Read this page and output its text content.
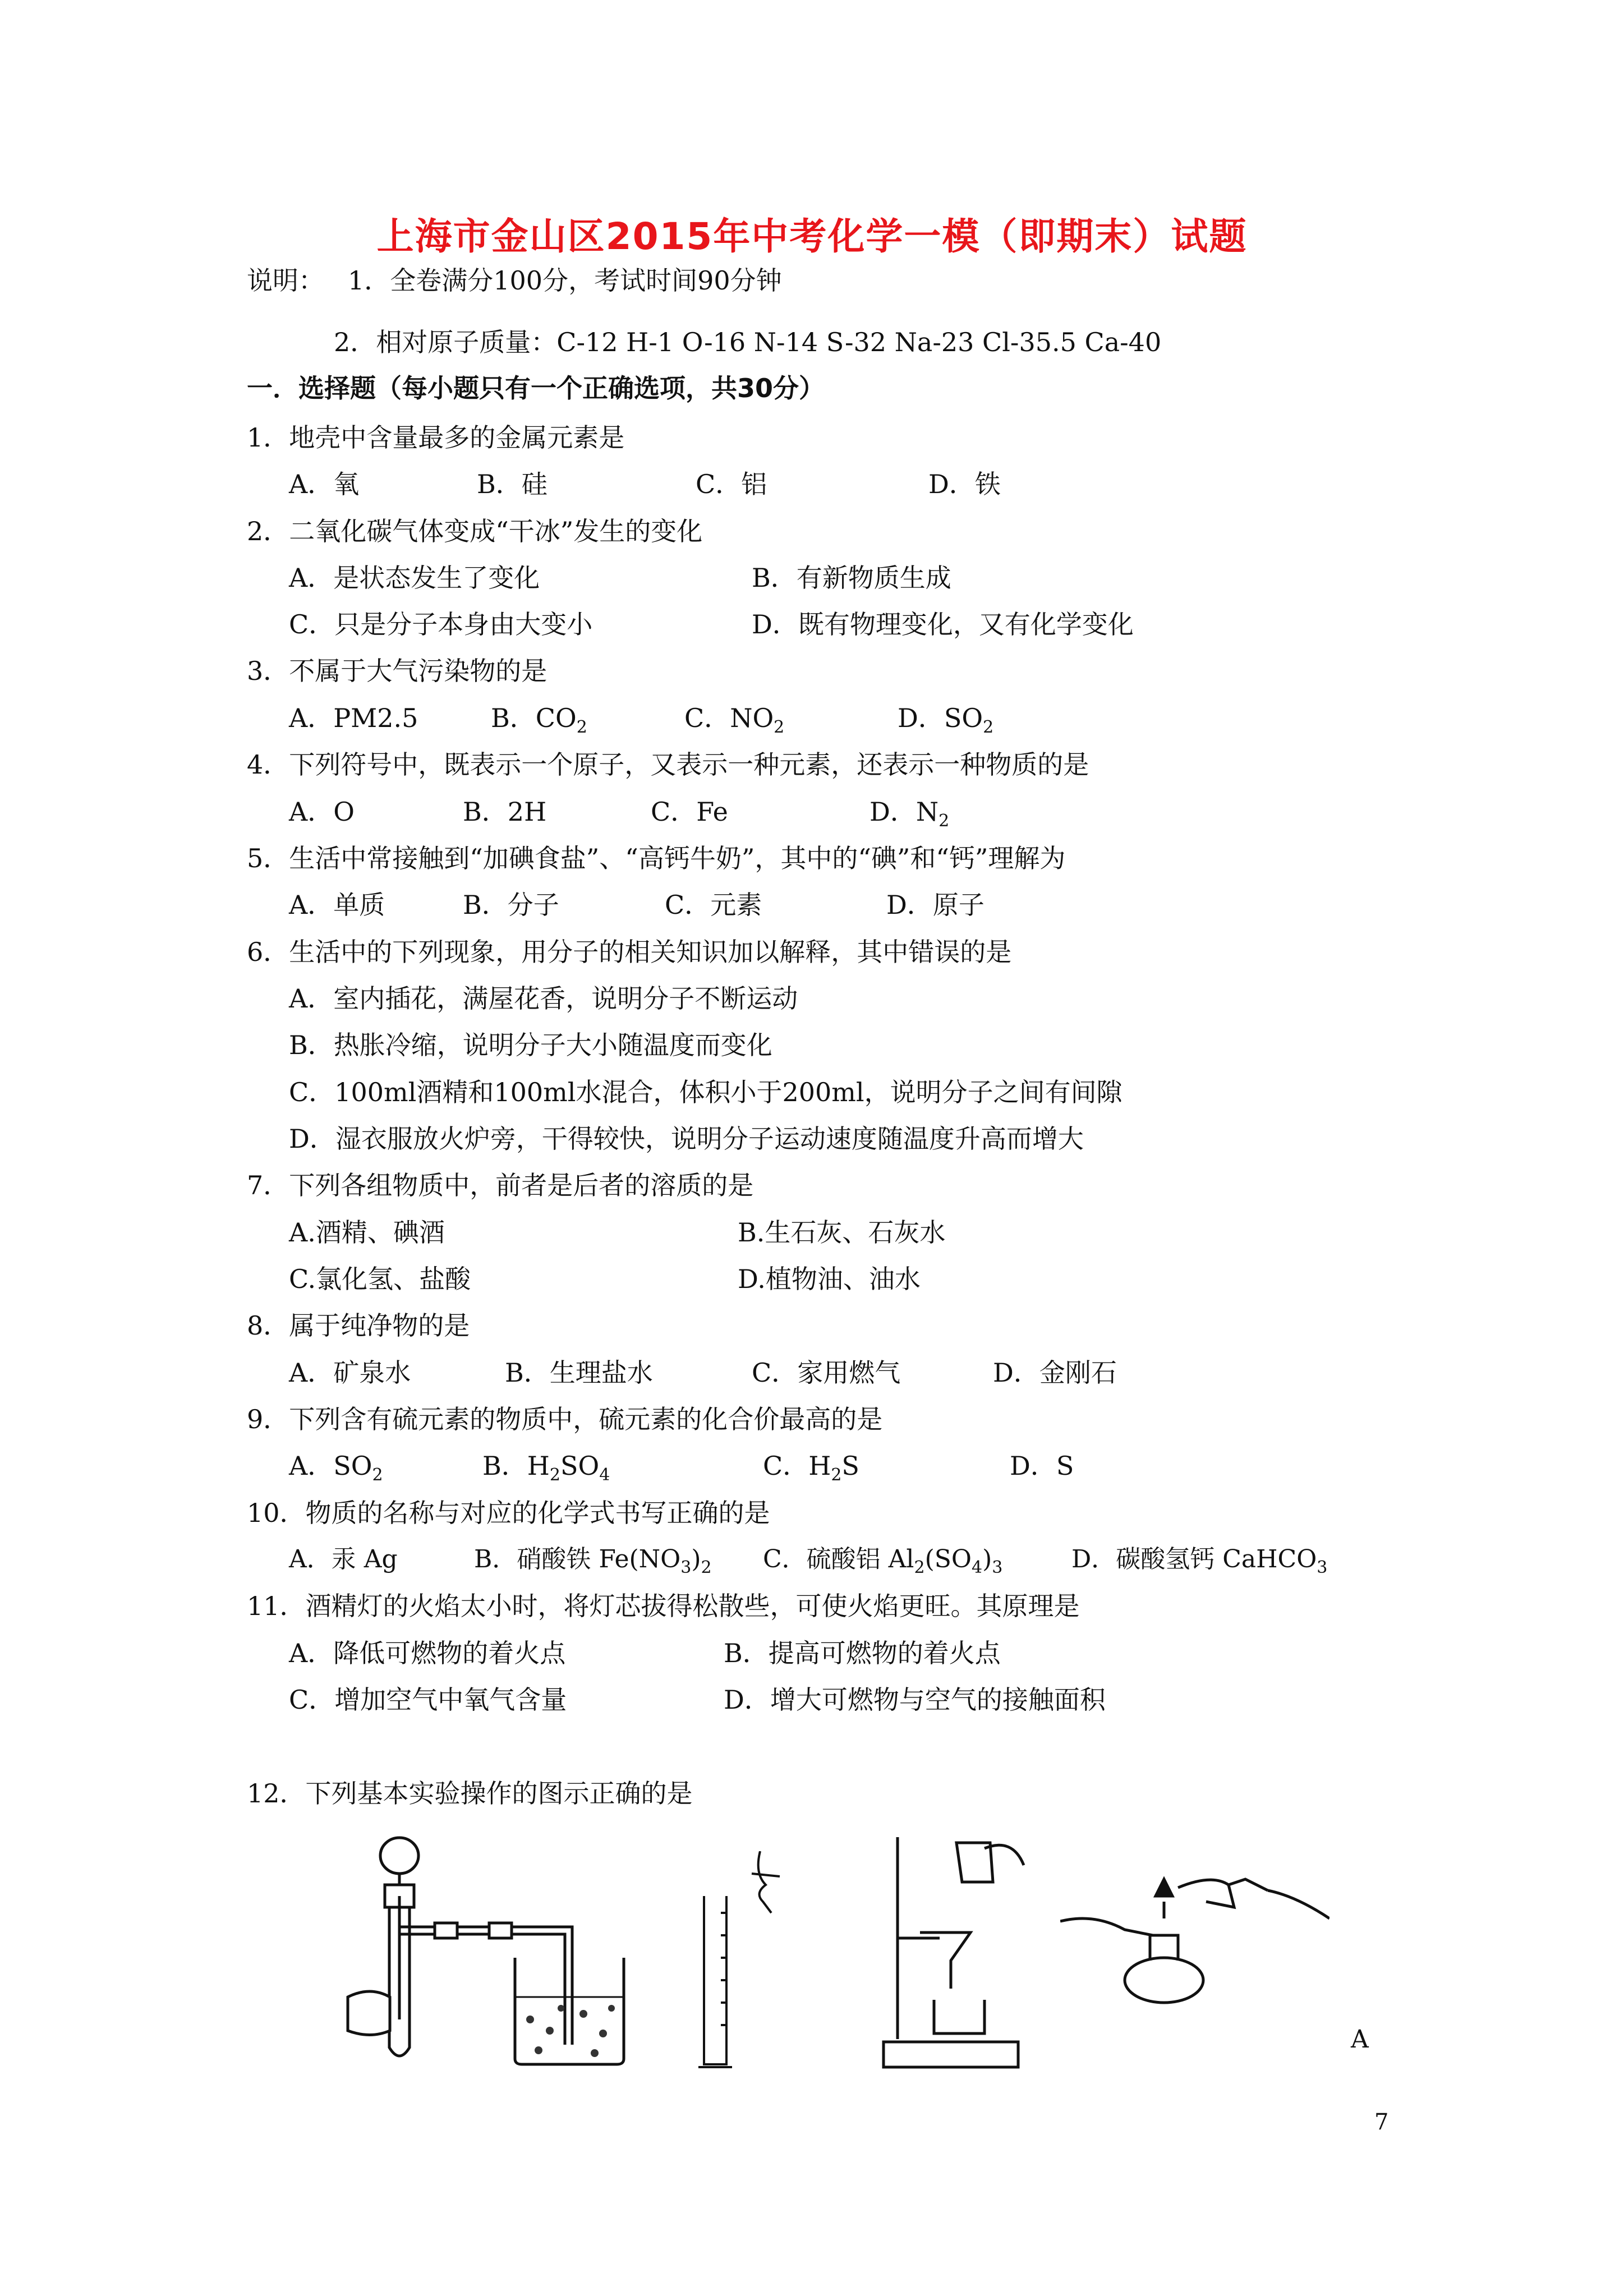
上海市金山区2015年中考化学一模（即期末）试题
说明： 1．全卷满分100分，考试时间90分钟
2．相对原子质量：C-12 H-1 O-16 N-14 S-32 Na-23 Cl-35.5 Ca-40
一．选择题（每小题只有一个正确选项，共30分）
1．地壳中含量最多的金属元素是
A．氧	B．硅	C．铝	D．铁
2．二氧化碳气体变成“干冰”发生的变化
A．是状态发生了变化	B．有新物质生成
C．只是分子本身由大变小	D．既有物理变化，又有化学变化
3．不属于大气污染物的是
A．PM2.5	B．$CO_2$	C．$NO_2$	D．$SO_2$
4．下列符号中，既表示一个原子，又表示一种元素，还表示一种物质的是
A．O	B．2H	C．Fe	D．$N_2$
5．生活中常接触到“加碘食盐”、“高钙牛奶”，其中的“碘”和“钙”理解为
A．单质	B．分子	C．元素	D．原子
6．生活中的下列现象，用分子的相关知识加以解释，其中错误的是
A．室内插花，满屋花香，说明分子不断运动
B．热胀冷缩，说明分子大小随温度而变化
C．100ml酒精和100ml水混合，体积小于200ml，说明分子之间有间隙
D．湿衣服放火炉旁，干得较快，说明分子运动速度随温度升高而增大
7．下列各组物质中，前者是后者的溶质的是
A.酒精、碘酒	B.生石灰、石灰水
C.氯化氢、盐酸	D.植物油、油水
8．属于纯净物的是
A．矿泉水	B．生理盐水	C．家用燃气	D．金刚石
9．下列含有硫元素的物质中，硫元素的化合价最高的是
A．$SO_2$	B．$H_2SO_4$	C．$H_2S$	D．S
10．物质的名称与对应的化学式书写正确的是
A．汞 Ag	B．硝酸铁 $Fe(NO_3)_2$ C．硫酸铝 $Al_2(SO_4)_3$	D．碳酸氢钙 CaHCO$_3$
11．酒精灯的火焰太小时，将灯芯拔得松散些，可使火焰更旺。其原理是
A．降低可燃物的着火点	B．提高可燃物的着火点
C．增加空气中氧气含量	D．增大可燃物与空气的接触面积
12．下列基本实验操作的图示正确的是
A
7
